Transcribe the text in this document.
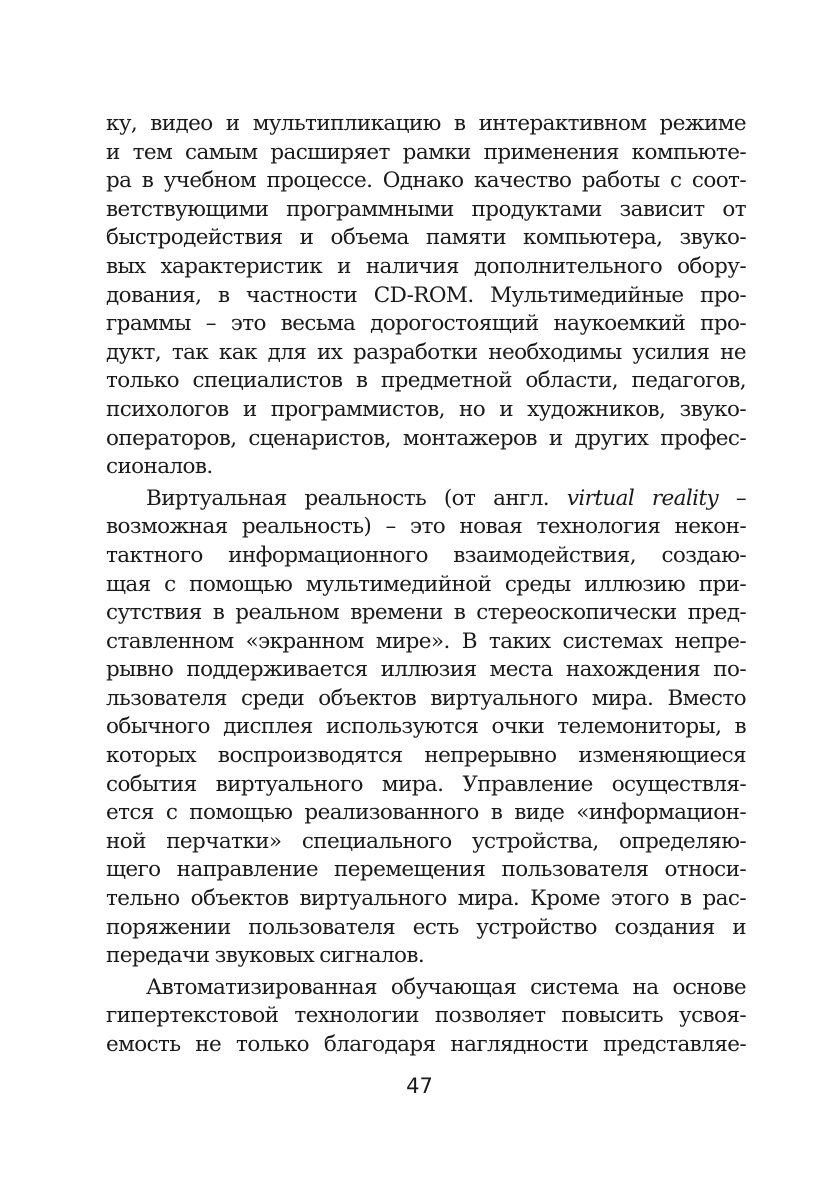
ку, видео и мультипликацию в интерактивном режиме
и тем самым расширяет рамки применения компьюте-
ра в учебном процессе. Однако качество работы с соот-
ветствующими программными продуктами зависит от
быстродействия и объема памяти компьютера, звуко-
вых характеристик и наличия дополнительного обору-
дования, в частности CD-ROM. Мультимедийные про-
граммы – это весьма дорогостоящий наукоемкий про-
дукт, так как для их разработки необходимы усилия не
только специалистов в предметной области, педагогов,
психологов и программистов, но и художников, звуко-
операторов, сценаристов, монтажеров и других профес-
сионалов.
Виртуальная реальность (от англ. virtual reality –
возможная реальность) – это новая технология некон-
тактного информационного взаимодействия, создаю-
щая с помощью мультимедийной среды иллюзию при-
сутствия в реальном времени в стереоскопически пред-
ставленном «экранном мире». В таких системах непре-
рывно поддерживается иллюзия места нахождения по-
льзователя среди объектов виртуального мира. Вместо
обычного дисплея используются очки телемониторы, в
которых воспроизводятся непрерывно изменяющиеся
события виртуального мира. Управление осуществля-
ется с помощью реализованного в виде «информацион-
ной перчатки» специального устройства, определяю-
щего направление перемещения пользователя относи-
тельно объектов виртуального мира. Кроме этого в рас-
поряжении пользователя есть устройство создания и
передачи звуковых сигналов.
Автоматизированная обучающая система на основе
гипертекстовой технологии позволяет повысить усвоя-
емость не только благодаря наглядности представляе-
47
